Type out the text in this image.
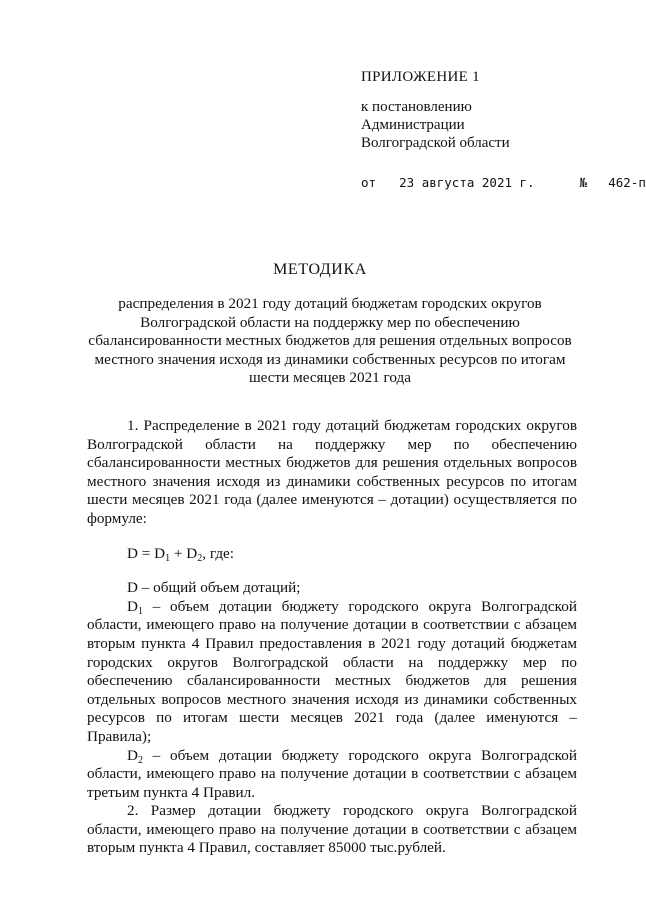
ПРИЛОЖЕНИЕ 1
к постановлению
Администрации
Волгоградской области
от 23 августа 2021 г.	№ 462-п
МЕТОДИКА
распределения в 2021 году дотаций бюджетам городских округов Волгоградской области на поддержку мер по обеспечению сбалансированности местных бюджетов для решения отдельных вопросов местного значения исходя из динамики собственных ресурсов по итогам шести месяцев 2021 года

1. Распределение в 2021 году дотаций бюджетам городских округов Волгоградской области на поддержку мер по обеспечению сбалансированности местных бюджетов для решения отдельных вопросов местного значения исходя из динамики собственных ресурсов по итогам шести месяцев 2021 года (далее именуются – дотации) осуществляется по формуле:

$D = D_1 + D_2$, где:

D – общий объем дотаций;

$D_1$ – объем дотации бюджету городского округа Волгоградской области, имеющего право на получение дотации в соответствии с абзацем вторым пункта 4 Правил предоставления в 2021 году дотаций бюджетам городских округов Волгоградской области на поддержку мер по обеспечению сбалансированности местных бюджетов для решения отдельных вопросов местного значения исходя из динамики собственных ресурсов по итогам шести месяцев 2021 года (далее именуются – Правила);

$D_2$ – объем дотации бюджету городского округа Волгоградской области, имеющего право на получение дотации в соответствии с абзацем третьим пункта 4 Правил.

2. Размер дотации бюджету городского округа Волгоградской области, имеющего право на получение дотации в соответствии с абзацем вторым пункта 4 Правил, составляет 85000 тыс.рублей.
